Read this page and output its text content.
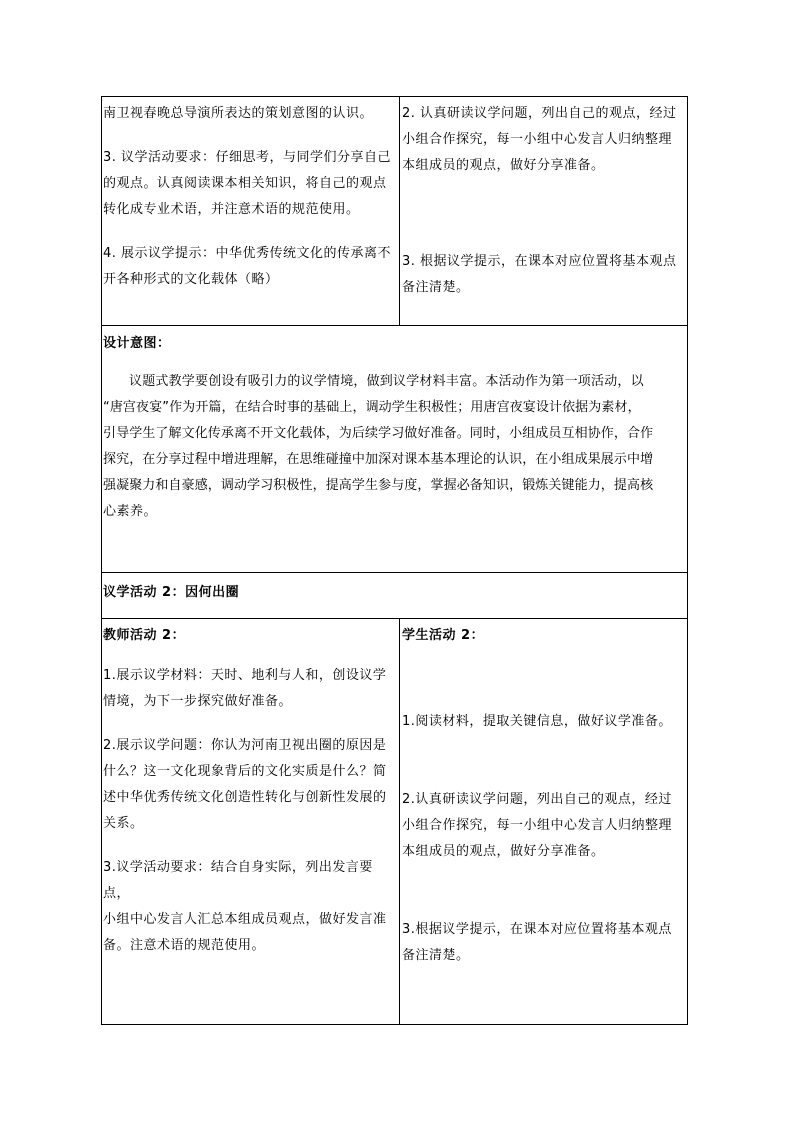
南卫视春晚总导演所表达的策划意图的认识。

3. 议学活动要求：仔细思考，与同学们分享自己

的观点。认真阅读课本相关知识，将自己的观点

转化成专业术语，并注意术语的规范使用。

4. 展示议学提示：中华优秀传统文化的传承离不

开各种形式的文化载体（略）

2. 认真研读议学问题，列出自己的观点，经过

小组合作探究，每一小组中心发言人归纳整理

本组成员的观点，做好分享准备。

3. 根据议学提示，在课本对应位置将基本观点

备注清楚。

设计意图：

议题式教学要创设有吸引力的议学情境，做到议学材料丰富。本活动作为第一项活动，以

“唐宫夜宴”作为开篇，在结合时事的基础上，调动学生积极性；用唐宫夜宴设计依据为素材，

引导学生了解文化传承离不开文化载体，为后续学习做好准备。同时，小组成员互相协作，合作

探究，在分享过程中增进理解，在思维碰撞中加深对课本基本理论的认识，在小组成果展示中增

强凝聚力和自豪感，调动学习积极性，提高学生参与度，掌握必备知识，锻炼关键能力，提高核

心素养。

议学活动 2：因何出圈

教师活动 2：

1.展示议学材料：天时、地利与人和，创设议学

情境，为下一步探究做好准备。

2.展示议学问题：你认为河南卫视出圈的原因是

什么？这一文化现象背后的文化实质是什么？简

述中华优秀传统文化创造性转化与创新性发展的

关系。

3.议学活动要求：结合自身实际，列出发言要点，

小组中心发言人汇总本组成员观点，做好发言准

备。注意术语的规范使用。

学生活动 2：

1.阅读材料，提取关键信息，做好议学准备。

2.认真研读议学问题，列出自己的观点，经过

小组合作探究，每一小组中心发言人归纳整理

本组成员的观点，做好分享准备。

3.根据议学提示，在课本对应位置将基本观点

备注清楚。
